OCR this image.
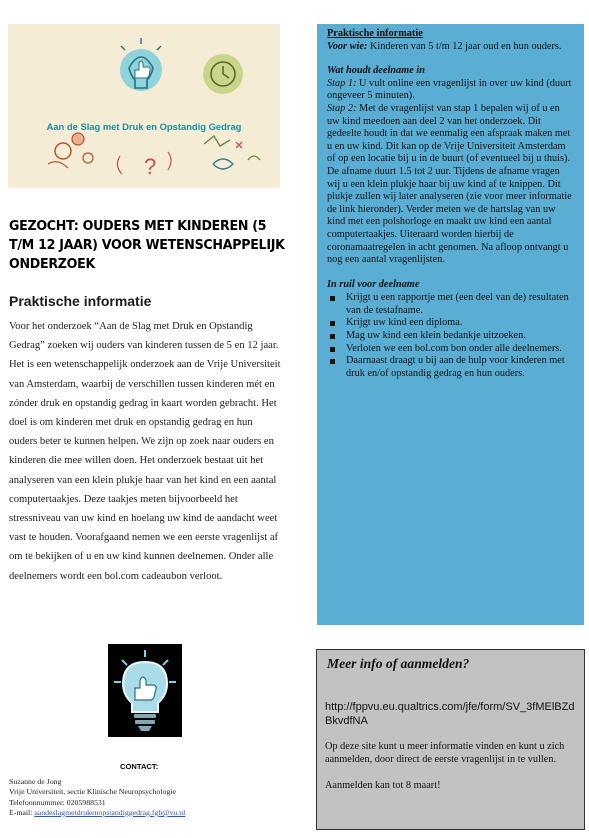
?
Aan de Slag met Druk en Opstandig Gedrag
GEZOCHT: OUDERS MET KINDEREN (5 T/M 12 JAAR) VOOR WETENSCHAPPELIJK ONDERZOEK
Praktische informatie
Voor het onderzoek “Aan de Slag met Druk en Opstandig Gedrag” zoeken wij ouders van kinderen tussen de 5 en 12 jaar. Het is een wetenschappelijk onderzoek aan de Vrije Universiteit van Amsterdam, waarbij de verschillen tussen kinderen mét en zónder druk en opstandig gedrag in kaart worden gebracht. Het doel is om kinderen met druk en opstandig gedrag en hun ouders beter te kunnen helpen. We zijn op zoek naar ouders en kinderen die mee willen doen. Het onderzoek bestaat uit het analyseren van een klein plukje haar van het kind en een aantal computertaakjes. Deze taakjes meten bijvoorbeeld het stressniveau van uw kind en hoelang uw kind de aandacht weet vast te houden. Voorafgaand nemen we een eerste vragenlijst af om te bekijken of u en uw kind kunnen deelnemen. Onder alle deelnemers wordt een bol.com cadeaubon verloot.
CONTACT:
Suzanne de Jong
Vrije Universiteit, sectie Klinische Neuropsychologie
Telefoonnummer: 0205988531
E-mail: aandeslagmetdrukenopstandiggedrag.fgb@vu.nl

Praktische informatie

Voor wie: Kinderen van 5 t/m 12 jaar oud en hun ouders.

Wat houdt deelname in

Stap 1: U vult online een vragenlijst in over uw kind (duurt ongeveer 5 minuten).

Stap 2: Met de vragenlijst van stap 1 bepalen wij of u en uw kind meedoen aan deel 2 van het onderzoek. Dit gedeelte houdt in dat we eenmalig een afspraak maken met u en uw kind. Dit kan op de Vrije Universiteit Amsterdam of op een locatie bij u in de buurt (of eventueel bij u thuis). De afname duurt 1.5 tot 2 uur. Tijdens de afname vragen wij u een klein plukje haar bij uw kind af te knippen. Dit plukje zullen wij later analyseren (zie voor meer informatie de link hieronder). Verder meten we de hartslag van uw kind met een polshorloge en maakt uw kind een aantal computertaakjes. Uiteraard worden hierbij de coronamaatregelen in acht genomen. Na afloop ontvangt u nog een aantal vragenlijsten.

In ruil voor deelname

Krijgt u een rapportje met (een deel van de) resultaten van de testafname.
Krijgt uw kind een diploma.
Mag uw kind een klein bedankje uitzoeken.
Verloten we een bol.com bon onder alle deelnemers.
Daarnaast draagt u bij aan de hulp voor kinderen met druk en/of opstandig gedrag en hun ouders.
Meer info of aanmelden?
http://fppvu.eu.qualtrics.com/jfe/form/SV_3fMElBZdBkvdfNA
Op deze site kunt u meer informatie vinden en kunt u zich aanmelden, door direct de eerste vragenlijst in te vullen.
Aanmelden kan tot 8 maart!
